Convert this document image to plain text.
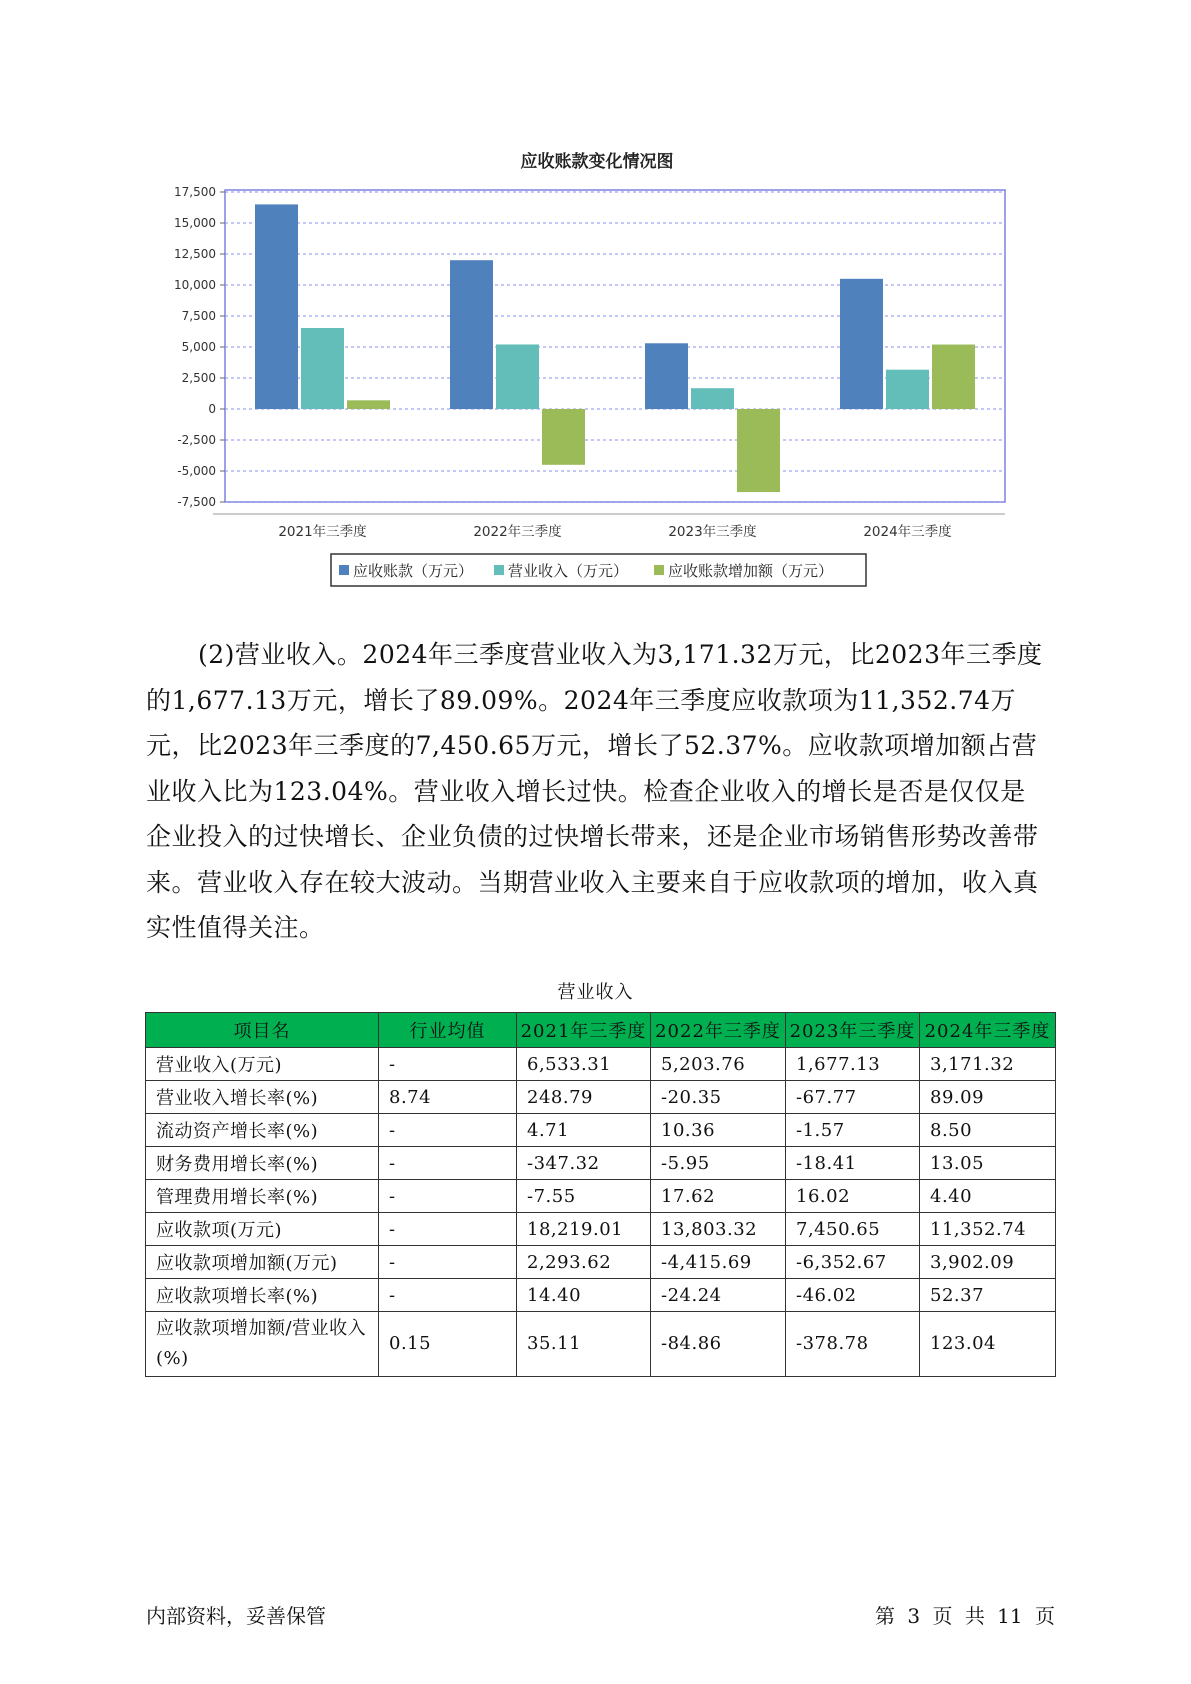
应收账款变化情况图
17,500
15,000
12,500
10,000
7,500
5,000
2,500
0
-2,500
-5,000
-7,500
2021年三季度	2022年三季度	2023年三季度	2024年三季度
应收账款（万元） 营业收入（万元）	应收账款增加额（万元）

(2)营业收入。2024年三季度营业收入为3,171.32万元，比2023年三季度的1,677.13万元，增长了89.09%。2024年三季度应收款项为11,352.74万元，比2023年三季度的7,450.65万元，增长了52.37%。应收款项增加额占营业收入比为123.04%。营业收入增长过快。检查企业收入的增长是否是仅仅是企业投入的过快增长、企业负债的过快增长带来，还是企业市场销售形势改善带来。营业收入存在较大波动。当期营业收入主要来自于应收款项的增加，收入真实性值得关注。

营业收入
项目名	行业均值	2021年三季度	2022年三季度	2023年三季度	2024年三季度
营业收入(万元)	-	6,533.31	5,203.76	1,677.13	3,171.32
营业收入增长率(%)	8.74	248.79	-20.35	-67.77	89.09
流动资产增长率(%)	-	4.71	10.36	-1.57	8.50
财务费用增长率(%)	-	-347.32	-5.95	-18.41	13.05
管理费用增长率(%)	-	-7.55	17.62	16.02	4.40
应收款项(万元)	-	18,219.01	13,803.32	7,450.65	11,352.74
应收款项增加额(万元)	-	2,293.62	-4,415.69	-6,352.67	3,902.09
应收款项增长率(%)	-	14.40	-24.24	-46.02	52.37
应收款项增加额/营业收入(%)	0.15	35.11	-84.86	-378.78	123.04
内部资料，妥善保管	第 3 页 共 11 页
